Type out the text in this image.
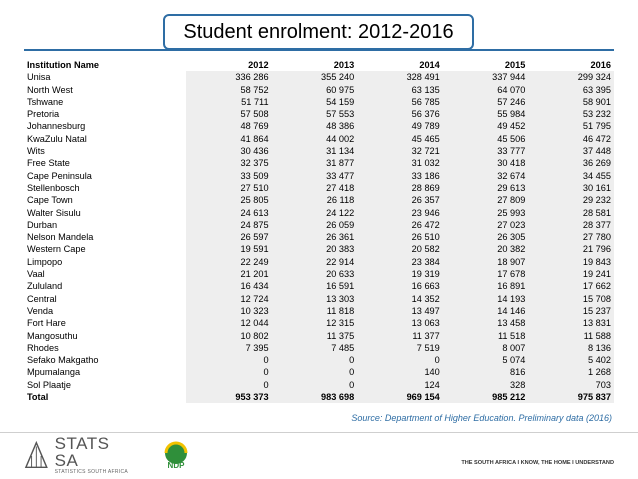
Student enrolment: 2012-2016
Institution Name	2012	2013	2014	2015	2016
Unisa	336 286	355 240	328 491	337 944	299 324
North West	58 752	60 975	63 135	64 070	63 395
Tshwane	51 711	54 159	56 785	57 246	58 901
Pretoria	57 508	57 553	56 376	55 984	53 232
Johannesburg	48 769	48 386	49 789	49 452	51 795
KwaZulu Natal	41 864	44 002	45 465	45 506	46 472
Wits	30 436	31 134	32 721	33 777	37 448
Free State	32 375	31 877	31 032	30 418	36 269
Cape Peninsula	33 509	33 477	33 186	32 674	34 455
Stellenbosch	27 510	27 418	28 869	29 613	30 161
Cape Town	25 805	26 118	26 357	27 809	29 232
Walter Sisulu	24 613	24 122	23 946	25 993	28 581
Durban	24 875	26 059	26 472	27 023	28 377
Nelson Mandela	26 597	26 361	26 510	26 305	27 780
Western Cape	19 591	20 383	20 582	20 382	21 796
Limpopo	22 249	22 914	23 384	18 907	19 843
Vaal	21 201	20 633	19 319	17 678	19 241
Zululand	16 434	16 591	16 663	16 891	17 662
Central	12 724	13 303	14 352	14 193	15 708
Venda	10 323	11 818	13 497	14 146	15 237
Fort Hare	12 044	12 315	13 063	13 458	13 831
Mangosuthu	10 802	11 375	11 377	11 518	11 588
Rhodes	7 395	7 485	7 519	8 007	8 136
Sefako Makgatho	0	0	0	5 074	5 402
Mpumalanga	0	0	140	816	1 268
Sol Plaatje	0	0	124	328	703
Total	953 373	983 698	969 154	985 212	975 837
Source: Department of Higher Education. Preliminary data (2016)
STATS SA
STATISTICS SOUTH AFRICA
NDP	THE SOUTH AFRICA I KNOW, THE HOME I UNDERSTAND
